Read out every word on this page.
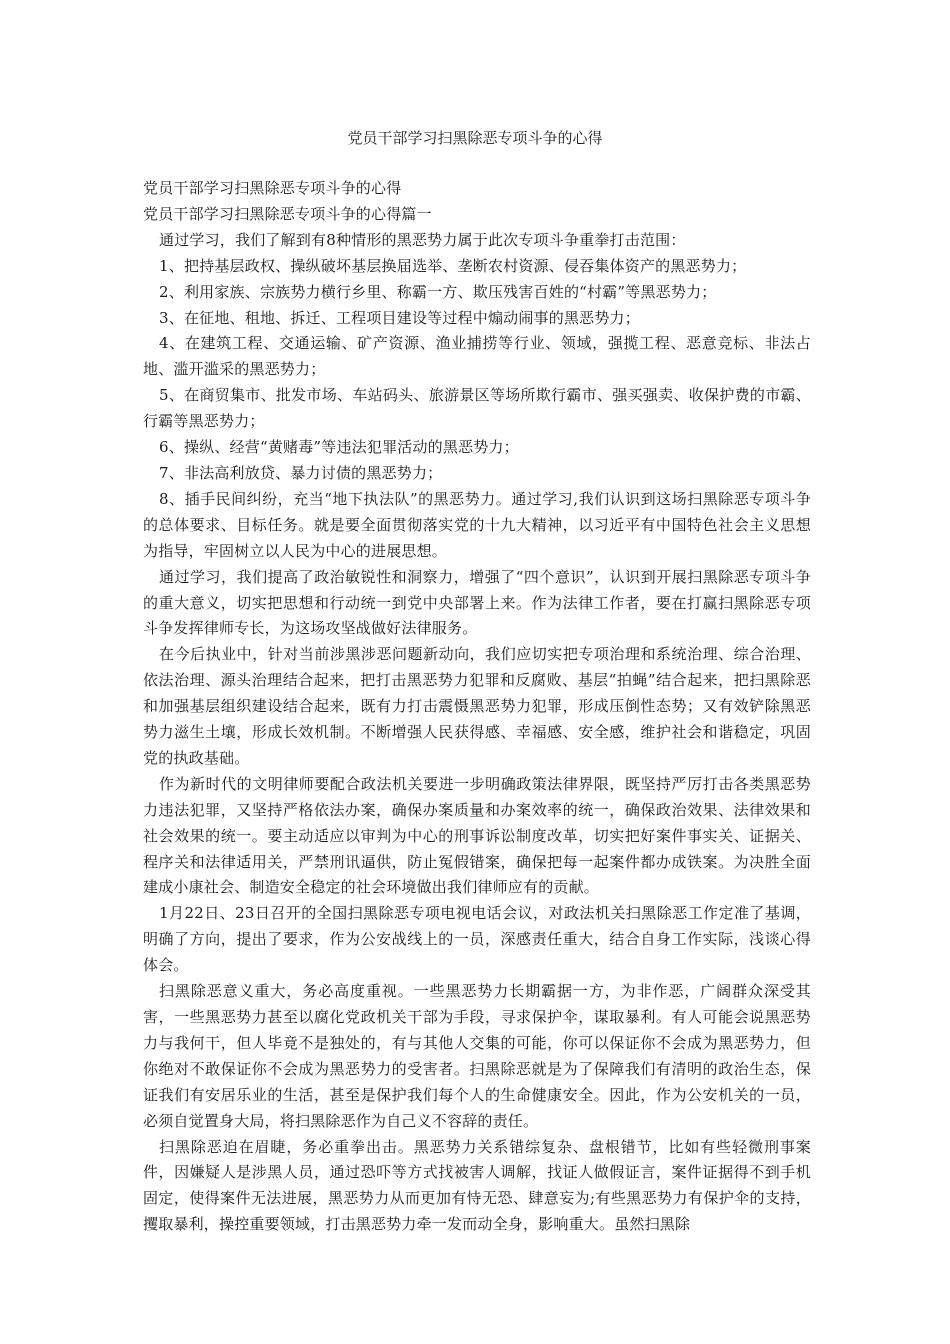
党员干部学习扫黑除恶专项斗争的心得

党员干部学习扫黑除恶专项斗争的心得

党员干部学习扫黑除恶专项斗争的心得篇一

通过学习，我们了解到有8种情形的黑恶势力属于此次专项斗争重拳打击范围：

1、把持基层政权、操纵破坏基层换届选举、垄断农村资源、侵吞集体资产的黑恶势力；

2、利用家族、宗族势力横行乡里、称霸一方、欺压残害百姓的“村霸”等黑恶势力；

3、在征地、租地、拆迁、工程项目建设等过程中煽动闹事的黑恶势力；

4、在建筑工程、交通运输、矿产资源、渔业捕捞等行业、领域，强揽工程、恶意竞标、非法占地、滥开滥采的黑恶势力；

5、在商贸集市、批发市场、车站码头、旅游景区等场所欺行霸市、强买强卖、收保护费的市霸、行霸等黑恶势力；

6、操纵、经营“黄赌毒”等违法犯罪活动的黑恶势力；

7、非法高利放贷、暴力讨债的黑恶势力；

8、插手民间纠纷，充当“地下执法队”的黑恶势力。通过学习,我们认识到这场扫黑除恶专项斗争的总体要求、目标任务。就是要全面贯彻落实党的十九大精神，以习近平有中国特色社会主义思想为指导，牢固树立以人民为中心的进展思想。

通过学习，我们提高了政治敏锐性和洞察力，增强了“四个意识”，认识到开展扫黑除恶专项斗争的重大意义，切实把思想和行动统一到党中央部署上来。作为法律工作者，要在打赢扫黑除恶专项斗争发挥律师专长，为这场攻坚战做好法律服务。

在今后执业中，针对当前涉黑涉恶问题新动向，我们应切实把专项治理和系统治理、综合治理、依法治理、源头治理结合起来，把打击黑恶势力犯罪和反腐败、基层“拍蝇”结合起来，把扫黑除恶和加强基层组织建设结合起来，既有力打击震慑黑恶势力犯罪，形成压倒性态势；又有效铲除黑恶势力滋生土壤，形成长效机制。不断增强人民获得感、幸福感、安全感，维护社会和谐稳定，巩固党的执政基础。

作为新时代的文明律师要配合政法机关要进一步明确政策法律界限，既坚持严厉打击各类黑恶势力违法犯罪，又坚持严格依法办案，确保办案质量和办案效率的统一，确保政治效果、法律效果和社会效果的统一。要主动适应以审判为中心的刑事诉讼制度改革，切实把好案件事实关、证据关、程序关和法律适用关，严禁刑讯逼供，防止冤假错案，确保把每一起案件都办成铁案。为决胜全面建成小康社会、制造安全稳定的社会环境做出我们律师应有的贡献。

1月22日、23日召开的全国扫黑除恶专项电视电话会议，对政法机关扫黑除恶工作定准了基调，明确了方向，提出了要求，作为公安战线上的一员，深感责任重大，结合自身工作实际，浅谈心得体会。

扫黑除恶意义重大，务必高度重视。一些黑恶势力长期霸据一方，为非作恶，广阔群众深受其害，一些黑恶势力甚至以腐化党政机关干部为手段，寻求保护伞，谋取暴利。有人可能会说黑恶势力与我何干，但人毕竟不是独处的，有与其他人交集的可能，你可以保证你不会成为黑恶势力，但你绝对不敢保证你不会成为黑恶势力的受害者。扫黑除恶就是为了保障我们有清明的政治生态，保证我们有安居乐业的生活，甚至是保护我们每个人的生命健康安全。因此，作为公安机关的一员，必须自觉置身大局，将扫黑除恶作为自己义不容辞的责任。

扫黑除恶迫在眉睫，务必重拳出击。黑恶势力关系错综复杂、盘根错节，比如有些轻微刑事案件，因嫌疑人是涉黑人员，通过恐吓等方式找被害人调解，找证人做假证言，案件证据得不到手机固定，使得案件无法进展，黑恶势力从而更加有恃无恐、肆意妄为;有些黑恶势力有保护伞的支持，攫取暴利，操控重要领域，打击黑恶势力牵一发而动全身，影响重大。虽然扫黑除
